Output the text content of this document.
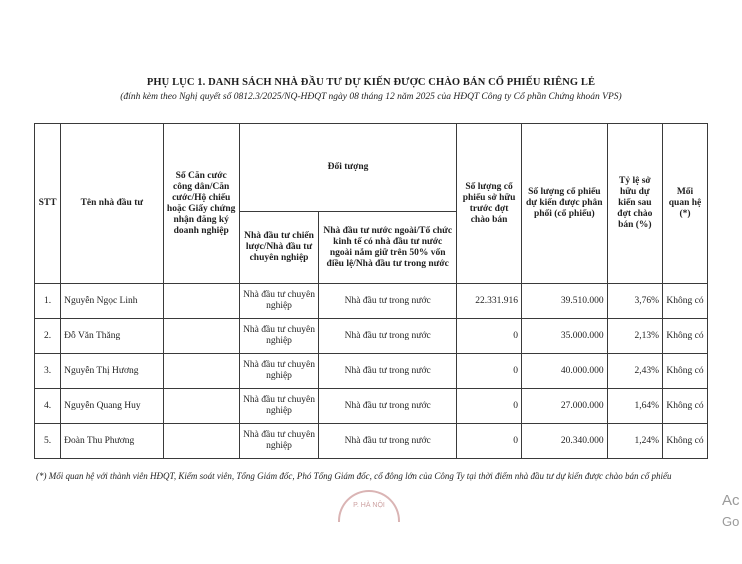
PHỤ LỤC 1. DANH SÁCH NHÀ ĐẦU TƯ DỰ KIẾN ĐƯỢC CHÀO BÁN CỔ PHIẾU RIÊNG LẺ
(đính kèm theo Nghị quyết số 0812.3/2025/NQ-HĐQT ngày 08 tháng 12 năm 2025 của HĐQT Công ty Cổ phần Chứng khoán VPS)
STT	Tên nhà đầu tư	Số Căn cước công dân/Căn cước/Hộ chiếu hoặc Giấy chứng nhận đăng ký doanh nghiệp	Đối tượng		Số lượng cổ phiếu sở hữu trước đợt chào bán	Số lượng cổ phiếu dự kiến được phân phối (cổ phiếu)	Tỷ lệ sở hữu dự kiến sau đợt chào bán (%)	Mối quan hệ (*)
			Nhà đầu tư chiến lược/Nhà đầu tư chuyên nghiệp	Nhà đầu tư nước ngoài/Tổ chức kinh tế có nhà đầu tư nước ngoài nắm giữ trên 50% vốn điều lệ/Nhà đầu tư trong nước				
1.	Nguyễn Ngọc Linh		Nhà đầu tư chuyên nghiệp	Nhà đầu tư trong nước	22.331.916	39.510.000	3,76%	Không có
2.	Đỗ Văn Thăng		Nhà đầu tư chuyên nghiệp	Nhà đầu tư trong nước	0	35.000.000	2,13%	Không có
3.	Nguyễn Thị Hương		Nhà đầu tư chuyên nghiệp	Nhà đầu tư trong nước	0	40.000.000	2,43%	Không có
4.	Nguyễn Quang Huy		Nhà đầu tư chuyên nghiệp	Nhà đầu tư trong nước	0	27.000.000	1,64%	Không có
5.	Đoàn Thu Phương		Nhà đầu tư chuyên nghiệp	Nhà đầu tư trong nước	0	20.340.000	1,24%	Không có
(*) Mối quan hệ với thành viên HĐQT, Kiểm soát viên, Tổng Giám đốc, Phó Tổng Giám đốc, cổ đông lớn của Công Ty tại thời điểm nhà đầu tư dự kiến được chào bán cổ phiếu
P. HÀ NỘI	Ac
Go
